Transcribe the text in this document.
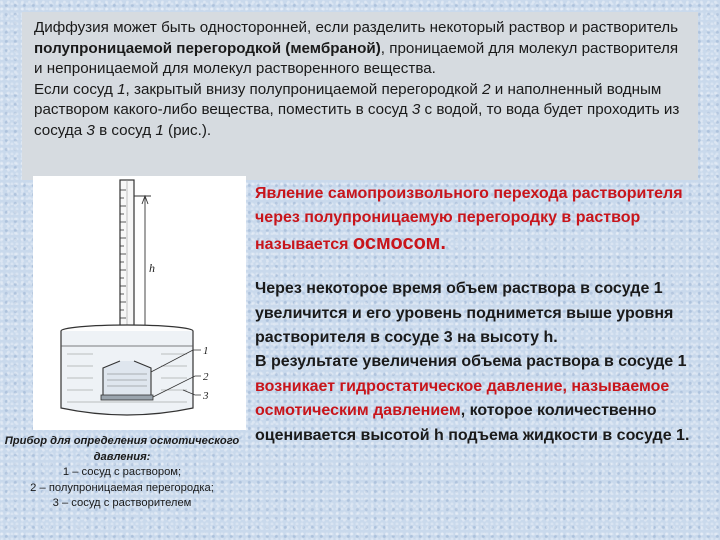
Диффузия может быть односторонней, если разделить некоторый раствор и растворитель полупроницаемой перегородкой (мембраной), проницаемой для молекул растворителя и непроницаемой для молекул растворенного вещества.

Если сосуд 1, закрытый внизу полупроницаемой перегородкой 2 и наполненный водным раствором какого-либо вещества, поместить в сосуд 3 с водой, то вода будет проходить из сосуда 3 в сосуд 1 (рис.).

h
1
2
3
Прибор для определения осмотического давления:
1 – сосуд с раствором;
2 – полупроницаемая перегородка;
3 – сосуд с растворителем
Явление самопроизвольного перехода растворителя через полупроницаемую перегородку в раствор называется осмосом.
Через некоторое время объем раствора в сосуде 1 увеличится и его уровень поднимется выше уровня растворителя в сосуде 3 на высоту h.
В результате увеличения объема раствора в сосуде 1 возникает гидростатическое давление, называемое осмотическим давлением, которое количественно оценивается высотой h подъема жидкости в сосуде 1.
